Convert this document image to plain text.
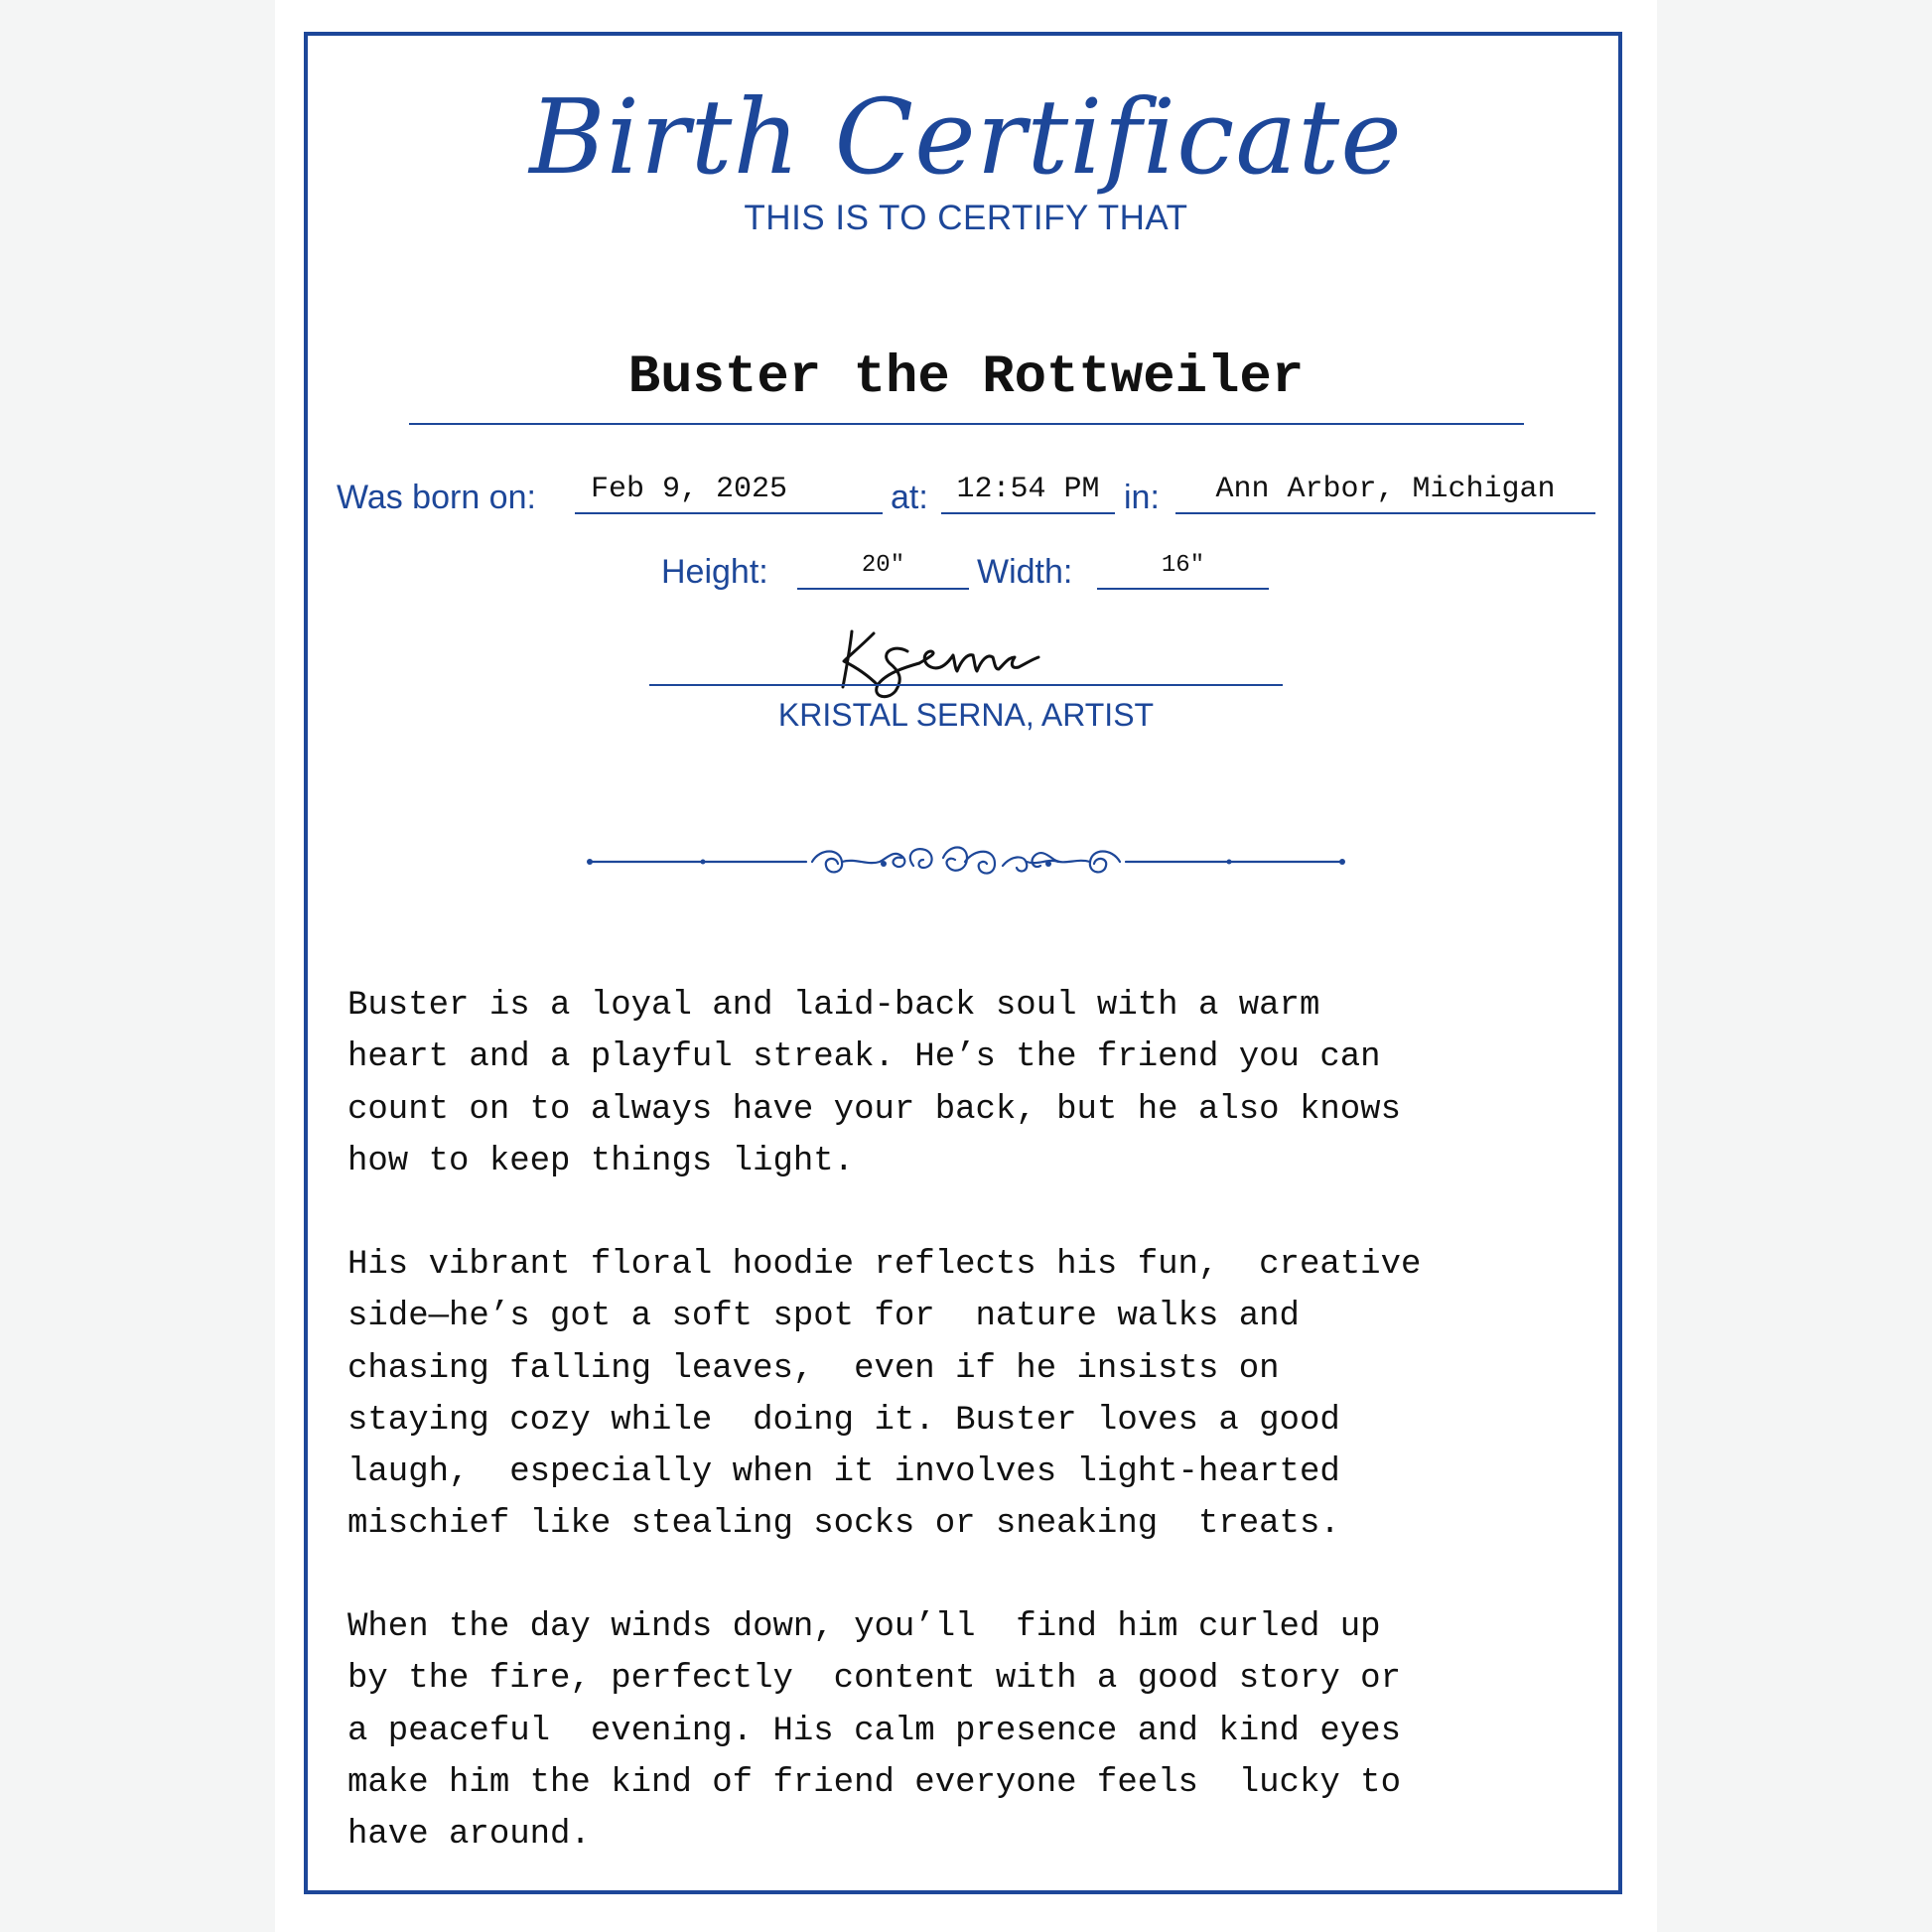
Birth Certificate
THIS IS TO CERTIFY THAT
Buster the Rottweiler
Was born on:	Feb 9, 2025	at: 12:54 PM in:	Ann Arbor, Michigan
Height:	20"	Width:	16"
KRISTAL SERNA, ARTIST
Buster is a loyal and laid-back soul with a warm
heart and a playful streak. He’s the friend you can
count on to always have your back, but he also knows
how to keep things light.
His vibrant floral hoodie reflects his fun,  creative
side—he’s got a soft spot for  nature walks and
chasing falling leaves,  even if he insists on
staying cozy while  doing it. Buster loves a good
laugh,  especially when it involves light-hearted
mischief like stealing socks or sneaking  treats.
When the day winds down, you’ll  find him curled up
by the fire, perfectly  content with a good story or
a peaceful  evening. His calm presence and kind eyes
make him the kind of friend everyone feels  lucky to
have around.
